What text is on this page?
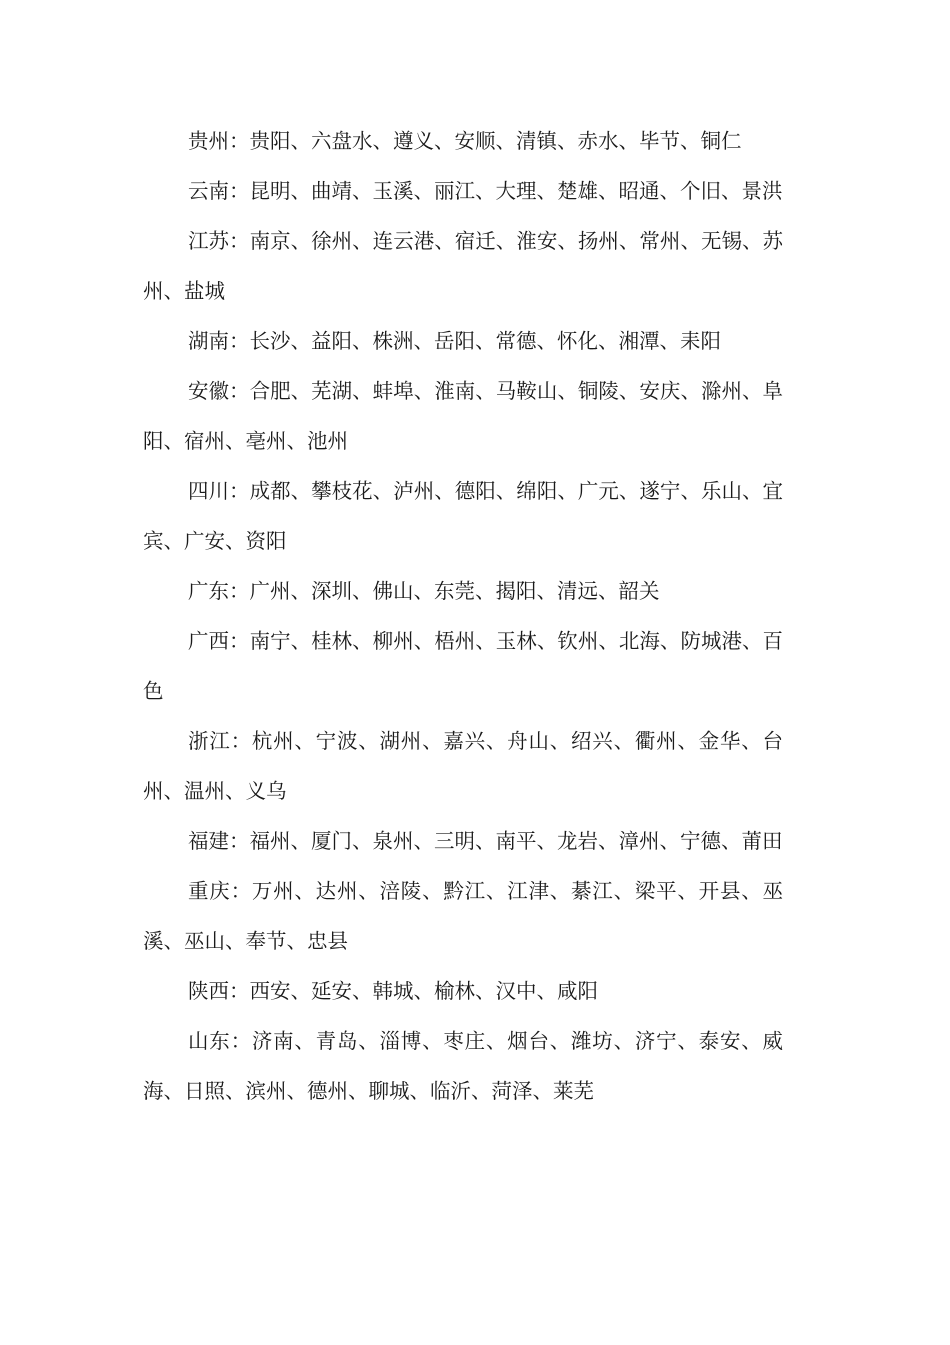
贵州：贵阳、六盘水、遵义、安顺、清镇、赤水、毕节、铜仁

云南：昆明、曲靖、玉溪、丽江、大理、楚雄、昭通、个旧、景洪

江苏：南京、徐州、连云港、宿迁、淮安、扬州、常州、无锡、苏州、盐城

湖南：长沙、益阳、株洲、岳阳、常德、怀化、湘潭、耒阳

安徽：合肥、芜湖、蚌埠、淮南、马鞍山、铜陵、安庆、滁州、阜阳、宿州、亳州、池州

四川：成都、攀枝花、泸州、德阳、绵阳、广元、遂宁、乐山、宜宾、广安、资阳

广东：广州、深圳、佛山、东莞、揭阳、清远、韶关

广西：南宁、桂林、柳州、梧州、玉林、钦州、北海、防城港、百色

浙江：杭州、宁波、湖州、嘉兴、舟山、绍兴、衢州、金华、台州、温州、义乌

福建：福州、厦门、泉州、三明、南平、龙岩、漳州、宁德、莆田

重庆：万州、达州、涪陵、黔江、江津、綦江、梁平、开县、巫溪、巫山、奉节、忠县

陕西：西安、延安、韩城、榆林、汉中、咸阳

山东：济南、青岛、淄博、枣庄、烟台、潍坊、济宁、泰安、威海、日照、滨州、德州、聊城、临沂、菏泽、莱芜
